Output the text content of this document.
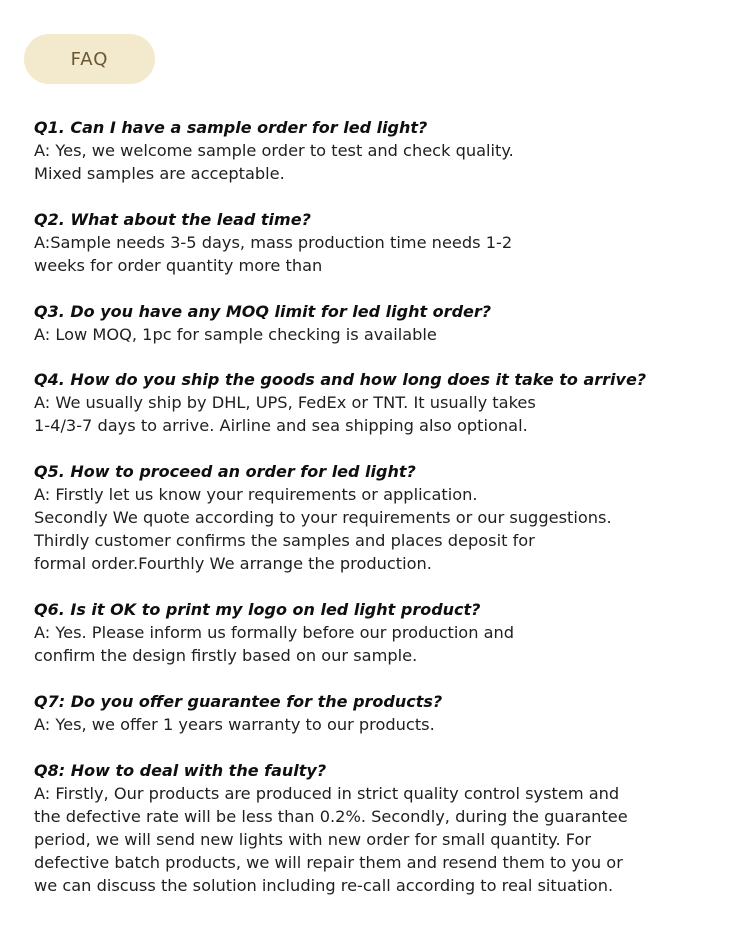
FAQ
Q1. Can I have a sample order for led light?
A: Yes, we welcome sample order to test and check quality.
Mixed samples are acceptable.
Q2. What about the lead time?
A:Sample needs 3-5 days, mass production time needs 1-2
weeks for order quantity more than
Q3. Do you have any MOQ limit for led light order?
A: Low MOQ, 1pc for sample checking is available
Q4. How do you ship the goods and how long does it take to arrive?
A: We usually ship by DHL, UPS, FedEx or TNT. It usually takes
1-4/3-7 days to arrive. Airline and sea shipping also optional.
Q5. How to proceed an order for led light?
A: Firstly let us know your requirements or application.
Secondly We quote according to your requirements or our suggestions.
Thirdly customer confirms the samples and places deposit for
formal order.Fourthly We arrange the production.
Q6. Is it OK to print my logo on led light product?
A: Yes. Please inform us formally before our production and
confirm the design firstly based on our sample.
Q7: Do you offer guarantee for the products?
A: Yes, we offer 1 years warranty to our products.
Q8: How to deal with the faulty?
A: Firstly, Our products are produced in strict quality control system and
the defective rate will be less than 0.2%. Secondly, during the guarantee
period, we will send new lights with new order for small quantity. For
defective batch products, we will repair them and resend them to you or
we can discuss the solution including re-call according to real situation.
